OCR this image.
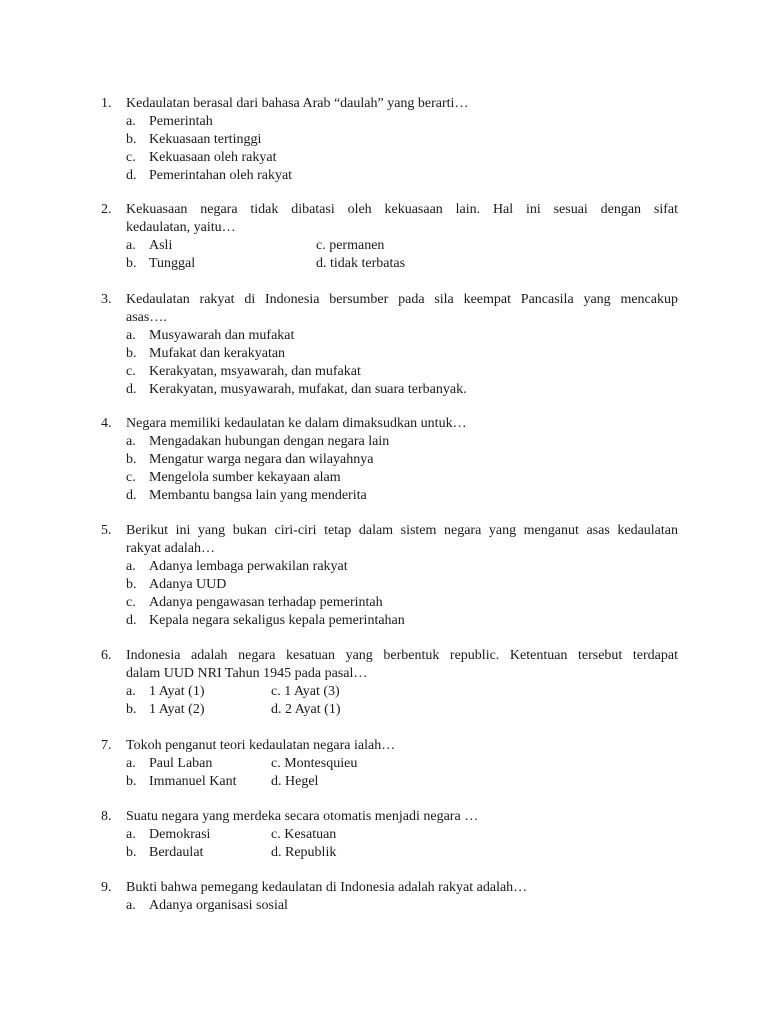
1. Kedaulatan berasal dari bahasa Arab “daulah” yang berarti…
a. Pemerintah
b. Kekuasaan tertinggi
c. Kekuasaan oleh rakyat
d. Pemerintahan oleh rakyat
2. Kekuasaan negara tidak dibatasi oleh kekuasaan lain. Hal ini sesuai dengan sifat
kedaulatan, yaitu…
a. Asli	c. permanen
b. Tunggal	d. tidak terbatas
3. Kedaulatan rakyat di Indonesia bersumber pada sila keempat Pancasila yang mencakup
asas….
a. Musyawarah dan mufakat
b. Mufakat dan kerakyatan
c. Kerakyatan, msyawarah, dan mufakat
d. Kerakyatan, musyawarah, mufakat, dan suara terbanyak.
4. Negara memiliki kedaulatan ke dalam dimaksudkan untuk…
a. Mengadakan hubungan dengan negara lain
b. Mengatur warga negara dan wilayahnya
c. Mengelola sumber kekayaan alam
d. Membantu bangsa lain yang menderita
5. Berikut ini yang bukan ciri-ciri tetap dalam sistem negara yang menganut asas kedaulatan
rakyat adalah…
a. Adanya lembaga perwakilan rakyat
b. Adanya UUD
c. Adanya pengawasan terhadap pemerintah
d. Kepala negara sekaligus kepala pemerintahan
6. Indonesia adalah negara kesatuan yang berbentuk republic. Ketentuan tersebut terdapat
dalam UUD NRI Tahun 1945 pada pasal…
a. 1 Ayat (1)	c. 1 Ayat (3)
b. 1 Ayat (2)	d. 2 Ayat (1)
7. Tokoh penganut teori kedaulatan negara ialah…
a. Paul Laban	c. Montesquieu
b. Immanuel Kant d. Hegel
8. Suatu negara yang merdeka secara otomatis menjadi negara …
a. Demokrasi	c. Kesatuan
b. Berdaulat	d. Republik
9. Bukti bahwa pemegang kedaulatan di Indonesia adalah rakyat adalah…
a. Adanya organisasi sosial
